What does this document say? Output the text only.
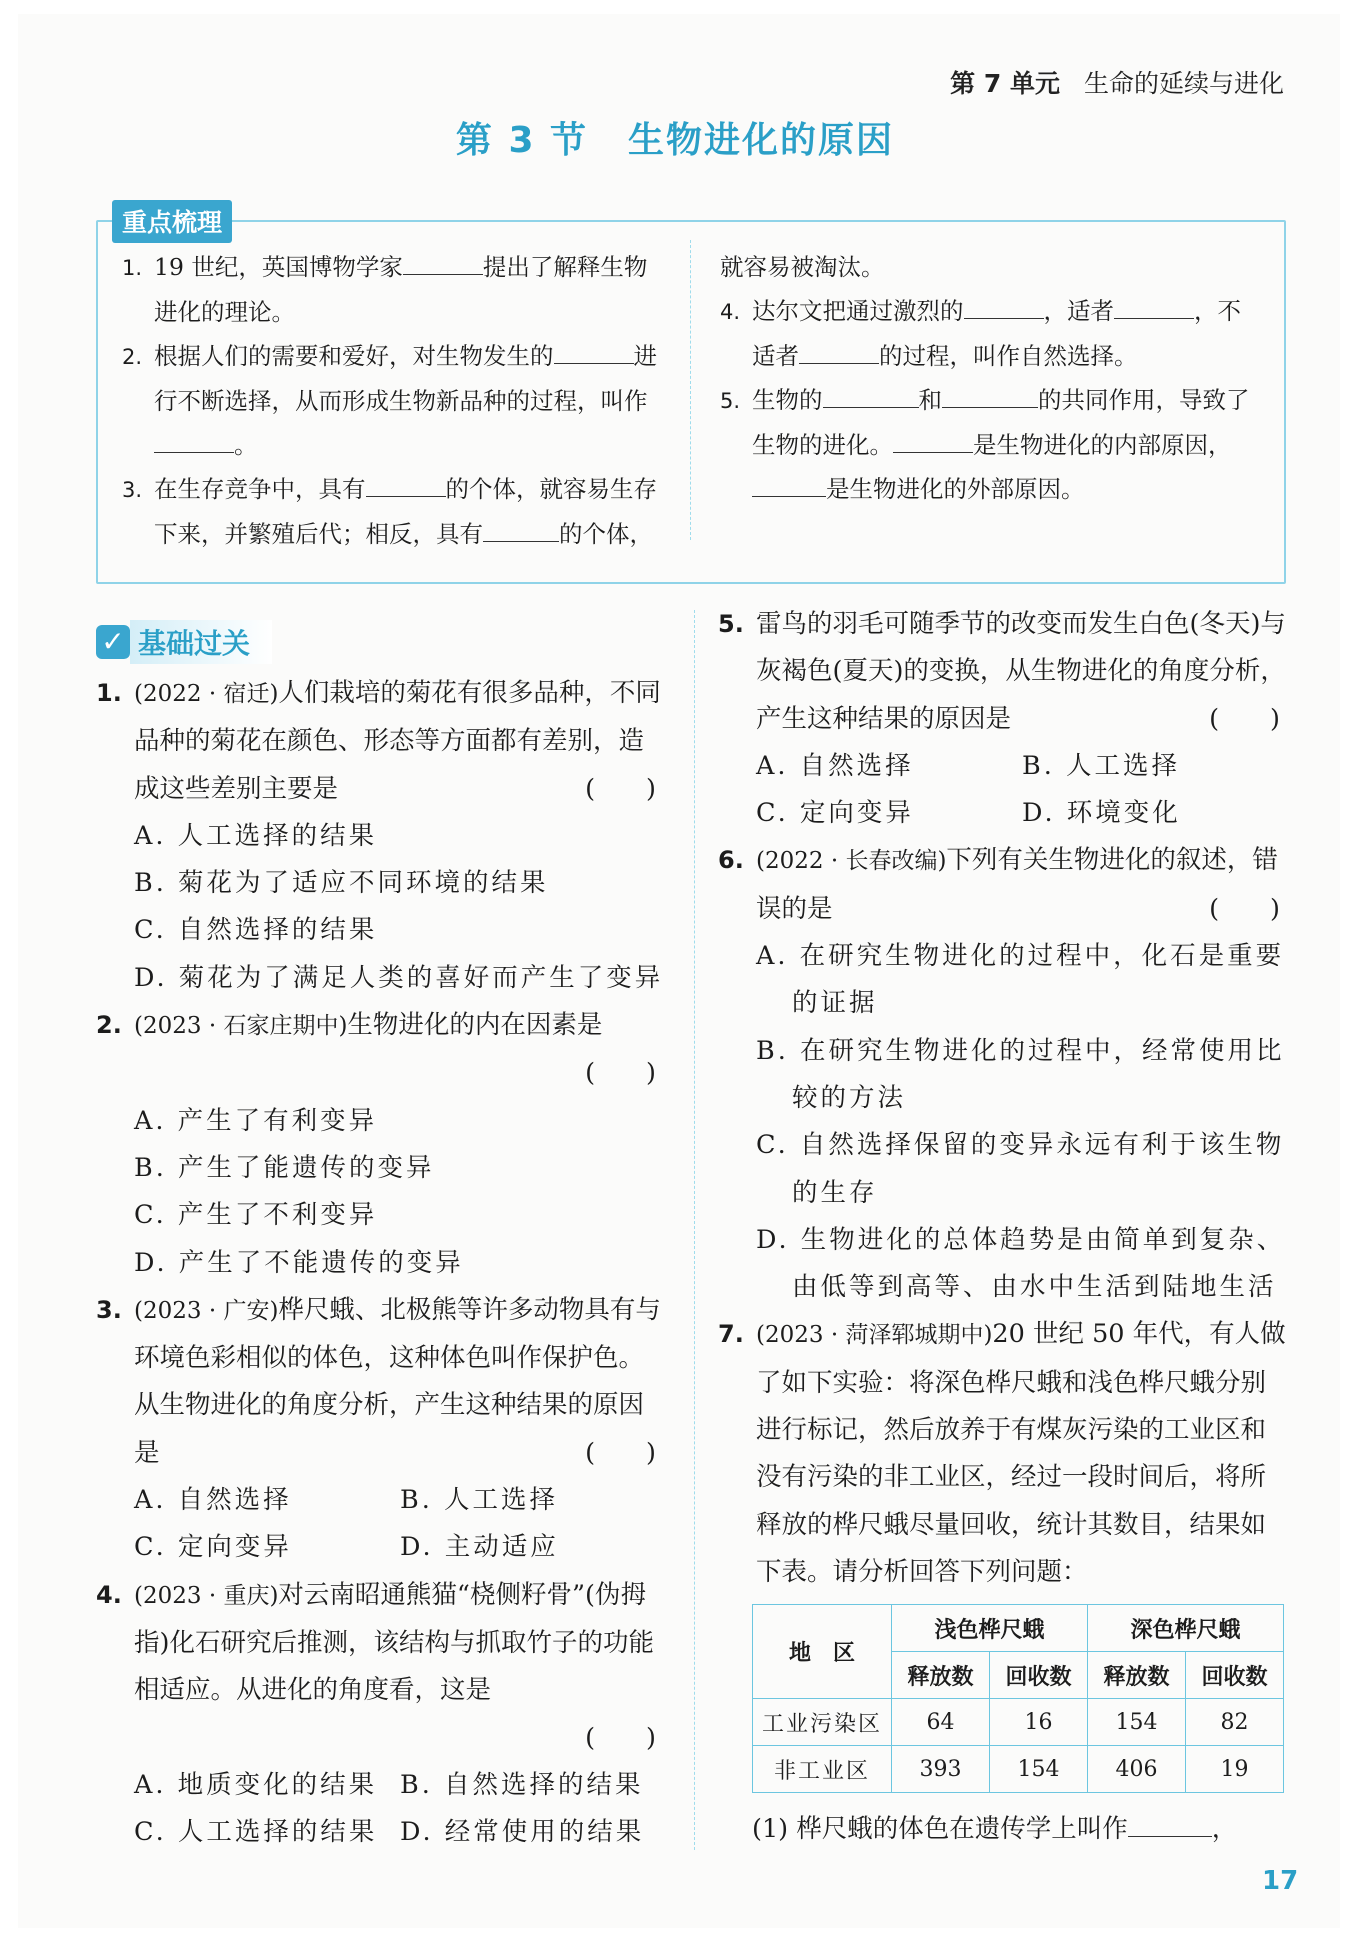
第 7 单元 生命的延续与进化
第 3 节 生物进化的原因
重点梳理
1. 19 世纪，英国博物学家	提出了解释生物进化的理论。
2. 根据人们的需要和爱好，对生物发生的	进行不断选择，从而形成生物新品种的过程，叫作。
3. 在生存竞争中，具有	的个体，就容易生存下来，并繁殖后代；相反，具有	的个体，
就容易被淘汰。
4. 达尔文把通过激烈的	，适者	，不适者	的过程，叫作自然选择。
5. 生物的	和	的共同作用，导致了生物的进化。	是生物进化的内部原因，是生物进化的外部原因。
✓ 基础过关
1. (2022 · 宿迁)人们栽培的菊花有很多品种，不同品种的菊花在颜色、形态等方面都有差别，造成这些差别主要是	(　　)
A. 人工选择的结果
B. 菊花为了适应不同环境的结果
C. 自然选择的结果
D. 菊花为了满足人类的喜好而产生了变异
2. (2023 · 石家庄期中)生物进化的内在因素是
(　　)
A. 产生了有利变异
B. 产生了能遗传的变异
C. 产生了不利变异
D. 产生了不能遗传的变异
3. (2023 · 广安)桦尺蛾、北极熊等许多动物具有与环境色彩相似的体色，这种体色叫作保护色。从生物进化的角度分析，产生这种结果的原因是	(　　)
A. 自然选择	B. 人工选择
C. 定向变异	D. 主动适应
4. (2023 · 重庆)对云南昭通熊猫“桡侧籽骨”(伪拇指)化石研究后推测，该结构与抓取竹子的功能相适应。从进化的角度看，这是
(　　)
A. 地质变化的结果 B. 自然选择的结果
C. 人工选择的结果 D. 经常使用的结果
5. 雷鸟的羽毛可随季节的改变而发生白色(冬天)与灰褐色(夏天)的变换，从生物进化的角度分析，产生这种结果的原因是	(　　)
A. 自然选择	B. 人工选择
C. 定向变异	D. 环境变化
6. (2022 · 长春改编)下列有关生物进化的叙述，错误的是	(　　)
A. 在研究生物进化的过程中，化石是重要的证据
B. 在研究生物进化的过程中，经常使用比较的方法
C. 自然选择保留的变异永远有利于该生物的生存
D. 生物进化的总体趋势是由简单到复杂、由低等到高等、由水中生活到陆地生活
7. (2023 · 菏泽郓城期中)20 世纪 50 年代，有人做了如下实验：将深色桦尺蛾和浅色桦尺蛾分别进行标记，然后放养于有煤灰污染的工业区和没有污染的非工业区，经过一段时间后，将所释放的桦尺蛾尽量回收，统计其数目，结果如下表。请分析回答下列问题：
地　区	浅色桦尺蛾		深色桦尺蛾	
	释放数	回收数	释放数	回收数
工业污染区	64	16	154	82
非工业区	393	154	406	19
(1) 桦尺蛾的体色在遗传学上叫作	，
17
